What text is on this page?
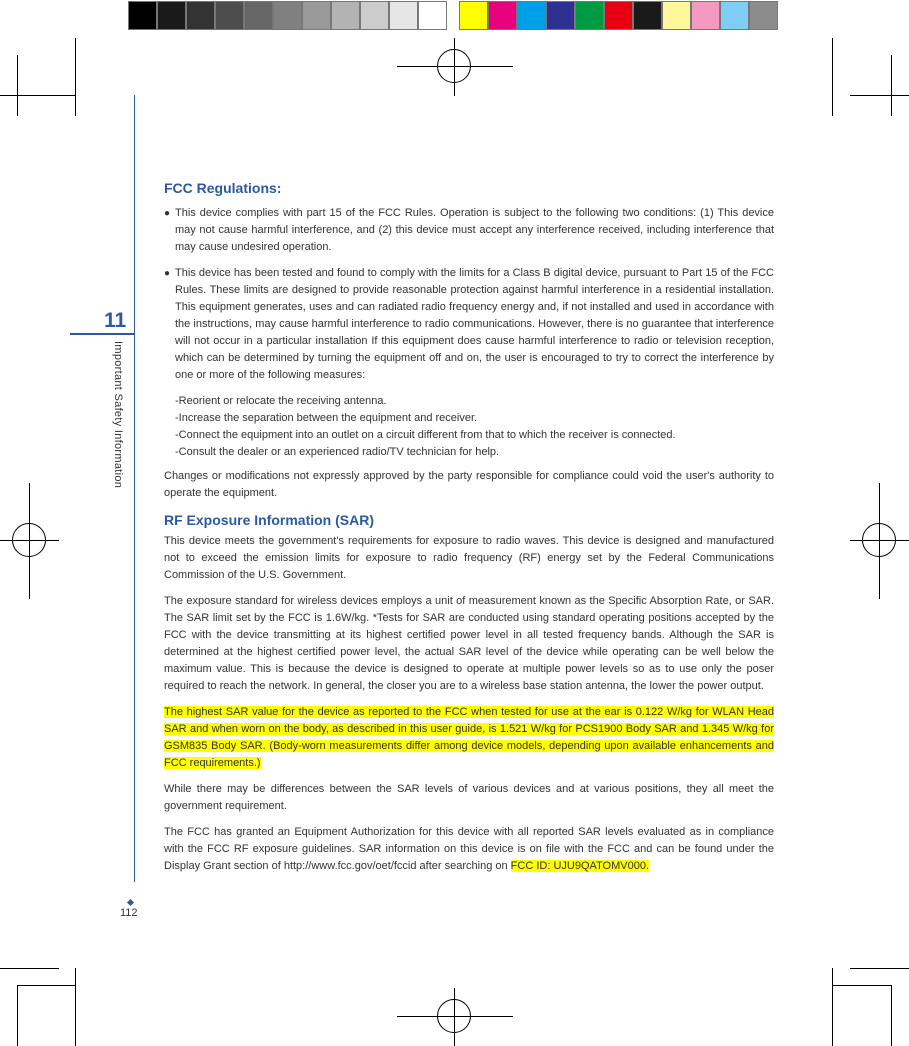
11
Important Safety Information
112
FCC Regulations:
● This device complies with part 15 of the FCC Rules. Operation is subject to the following two conditions: (1) This device may not cause harmful interference, and (2) this device must accept any interference received, including interference that may cause undesired operation.
● This device has been tested and found to comply with the limits for a Class B digital device, pursuant to Part 15 of the FCC Rules. These limits are designed to provide reasonable protection against harmful interference in a residential installation. This equipment generates, uses and can radiated radio frequency energy and, if not installed and used in accordance with the instructions, may cause harmful interference to radio communications. However, there is no guarantee that interference will not occur in a particular installation If this equipment does cause harmful interference to radio or television reception, which can be determined by turning the equipment off and on, the user is encouraged to try to correct the interference by one or more of the following measures:
-Reorient or relocate the receiving antenna.
-Increase the separation between the equipment and receiver.
-Connect the equipment into an outlet on a circuit different from that to which the receiver is connected.
-Consult the dealer or an experienced radio/TV technician for help.

Changes or modifications not expressly approved by the party responsible for compliance could void the user's authority to operate the equipment.

RF Exposure Information (SAR)

This device meets the government's requirements for exposure to radio waves. This device is designed and manufactured not to exceed the emission limits for exposure to radio frequency (RF) energy set by the Federal Communications Commission of the U.S. Government.

The exposure standard for wireless devices employs a unit of measurement known as the Specific Absorption Rate, or SAR. The SAR limit set by the FCC is 1.6W/kg. *Tests for SAR are conducted using standard operating positions accepted by the FCC with the device transmitting at its highest certified power level in all tested frequency bands. Although the SAR is determined at the highest certified power level, the actual SAR level of the device while operating can be well below the maximum value. This is because the device is designed to operate at multiple power levels so as to use only the poser required to reach the network. In general, the closer you are to a wireless base station antenna, the lower the power output.

The highest SAR value for the device as reported to the FCC when tested for use at the ear is 0.122 W/kg for WLAN Head SAR and when worn on the body, as described in this user guide, is 1.521 W/kg for PCS1900 Body SAR and 1.345 W/kg for GSM835 Body SAR. (Body-worn measurements differ among device models, depending upon available enhancements and FCC requirements.)

While there may be differences between the SAR levels of various devices and at various positions, they all meet the government requirement.

The FCC has granted an Equipment Authorization for this device with all reported SAR levels evaluated as in compliance with the FCC RF exposure guidelines. SAR information on this device is on file with the FCC and can be found under the Display Grant section of http://www.fcc.gov/oet/fccid after searching on FCC ID: UJU9QATOMV000.
